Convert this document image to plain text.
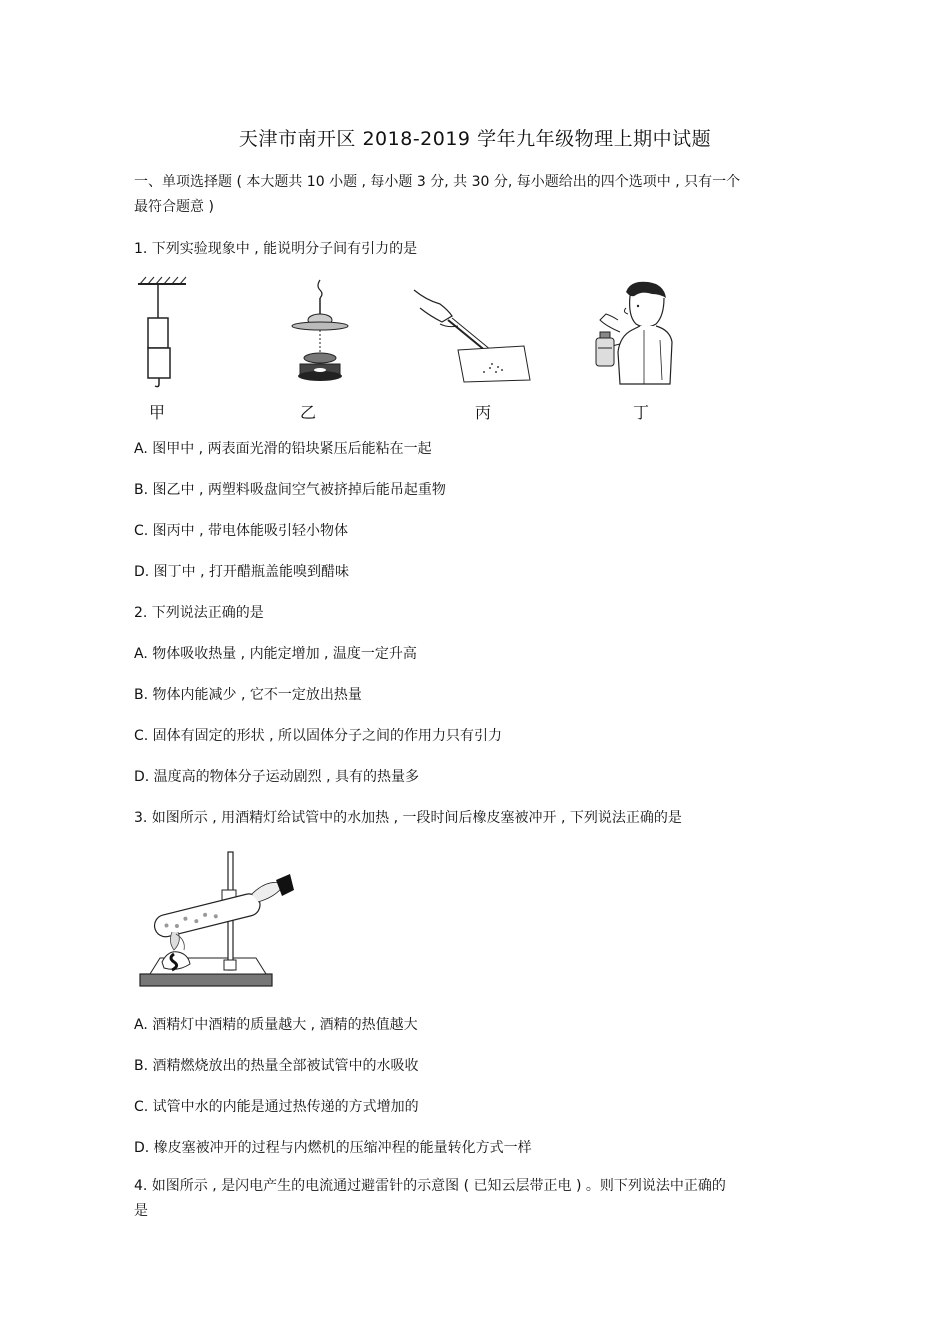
天津市南开区 2018-2019 学年九年级物理上期中试题
一、单项选择题 ( 本大题共 10 小题 , 每小题 3 分, 共 30 分, 每小题给出的四个选项中 , 只有一个
最符合题意 )
1. 下列实验现象中 , 能说明分子间有引力的是
甲	乙	丙	丁
A. 图甲中 , 两表面光滑的铅块紧压后能粘在一起
B. 图乙中 , 两塑料吸盘间空气被挤掉后能吊起重物
C. 图丙中 , 带电体能吸引轻小物体
D. 图丁中 , 打开醋瓶盖能嗅到醋味
2. 下列说法正确的是
A. 物体吸收热量 , 内能定增加 , 温度一定升高
B. 物体内能减少 , 它不一定放出热量
C. 固体有固定的形状 , 所以固体分子之间的作用力只有引力
D. 温度高的物体分子运动剧烈 , 具有的热量多
3. 如图所示 , 用酒精灯给试管中的水加热 , 一段时间后橡皮塞被冲开 , 下列说法正确的是
A. 酒精灯中酒精的质量越大 , 酒精的热值越大
B. 酒精燃烧放出的热量全部被试管中的水吸收
C. 试管中水的内能是通过热传递的方式增加的
D. 橡皮塞被冲开的过程与内燃机的压缩冲程的能量转化方式一样
4. 如图所示 , 是闪电产生的电流通过避雷针的示意图 ( 已知云层带正电 ) 。则下列说法中正确的
是
